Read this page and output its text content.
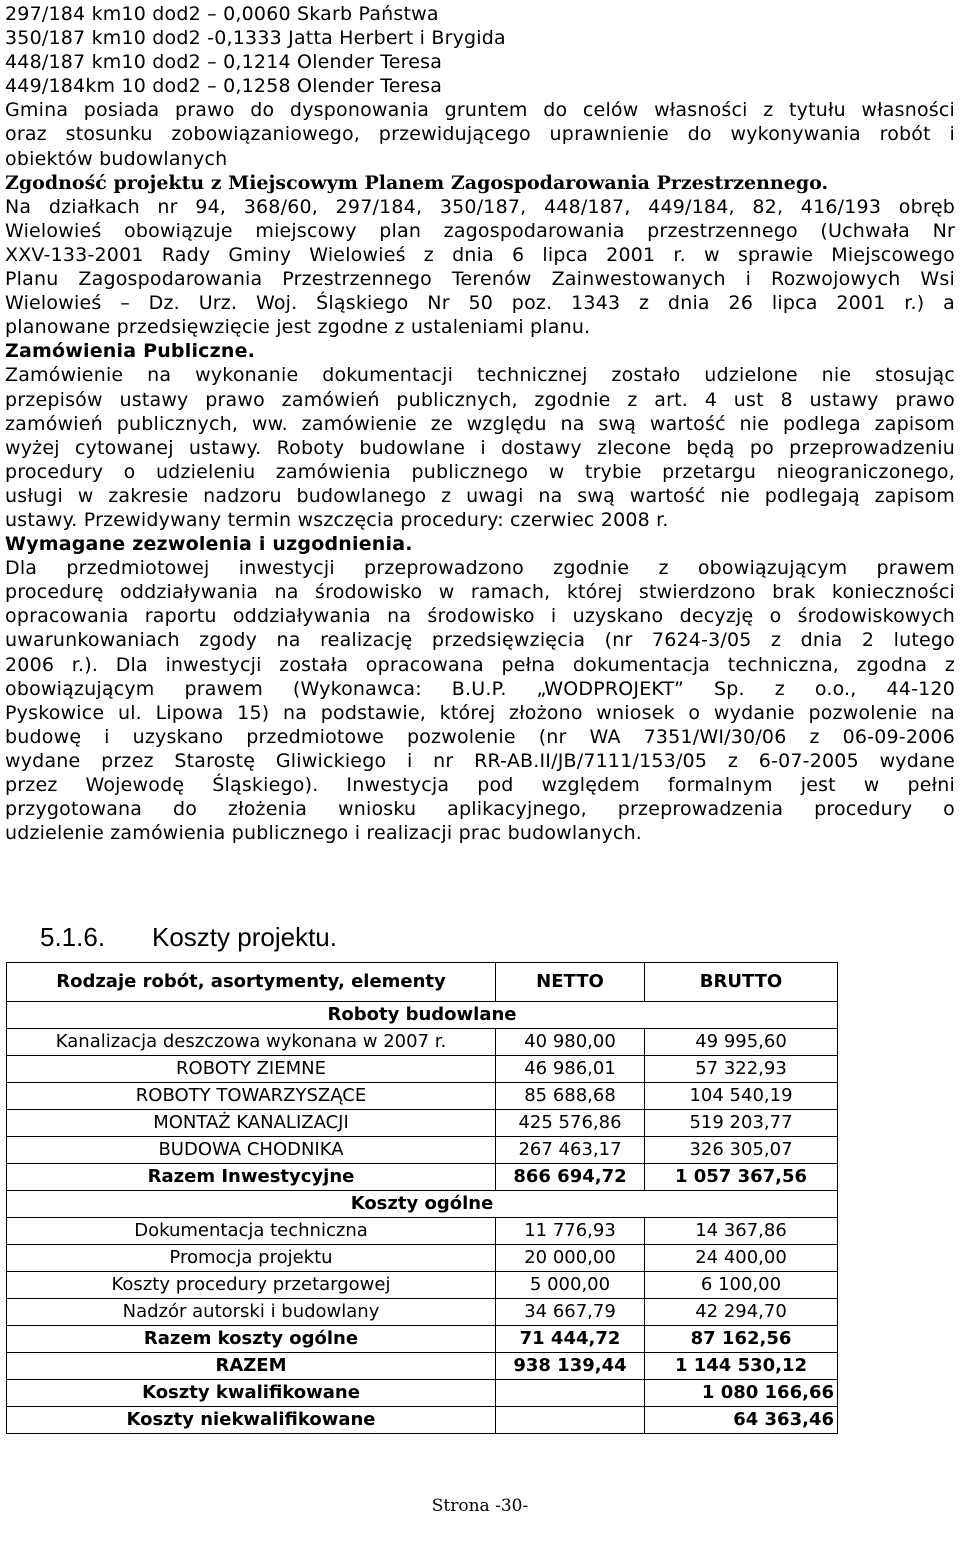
297/184 km10 dod2 – 0,0060 Skarb Państwa
350/187 km10 dod2 -0,1333 Jatta Herbert i Brygida
448/187 km10 dod2 – 0,1214 Olender Teresa
449/184km 10 dod2 – 0,1258 Olender Teresa
Gmina posiada prawo do dysponowania gruntem do celów własności z tytułu własności
oraz stosunku zobowiązaniowego, przewidującego uprawnienie do wykonywania robót i
obiektów budowlanych
Zgodność projektu z Miejscowym Planem Zagospodarowania Przestrzennego.
Na działkach nr 94, 368/60, 297/184, 350/187, 448/187, 449/184, 82, 416/193 obręb
Wielowieś obowiązuje miejscowy plan zagospodarowania przestrzennego (Uchwała Nr
XXV-133-2001 Rady Gminy Wielowieś z dnia 6 lipca 2001 r. w sprawie Miejscowego
Planu Zagospodarowania Przestrzennego Terenów Zainwestowanych i Rozwojowych Wsi
Wielowieś – Dz. Urz. Woj. Śląskiego Nr 50 poz. 1343 z dnia 26 lipca 2001 r.) a
planowane przedsięwzięcie jest zgodne z ustaleniami planu.
Zamówienia Publiczne.
Zamówienie na wykonanie dokumentacji technicznej zostało udzielone nie stosując
przepisów ustawy prawo zamówień publicznych, zgodnie z art. 4 ust 8 ustawy prawo
zamówień publicznych, ww. zamówienie ze względu na swą wartość nie podlega zapisom
wyżej cytowanej ustawy. Roboty budowlane i dostawy zlecone będą po przeprowadzeniu
procedury o udzieleniu zamówienia publicznego w trybie przetargu nieograniczonego,
usługi w zakresie nadzoru budowlanego z uwagi na swą wartość nie podlegają zapisom
ustawy. Przewidywany termin wszczęcia procedury: czerwiec 2008 r.
Wymagane zezwolenia i uzgodnienia.
Dla przedmiotowej inwestycji przeprowadzono zgodnie z obowiązującym prawem
procedurę oddziaływania na środowisko w ramach, której stwierdzono brak konieczności
opracowania raportu oddziaływania na środowisko i uzyskano decyzję o środowiskowych
uwarunkowaniach zgody na realizację przedsięwzięcia (nr 7624-3/05 z dnia 2 lutego
2006 r.). Dla inwestycji została opracowana pełna dokumentacja techniczna, zgodna z
obowiązującym prawem (Wykonawca: B.U.P. „WODPROJEKT” Sp. z o.o., 44-120
Pyskowice ul. Lipowa 15) na podstawie, której złożono wniosek o wydanie pozwolenie na
budowę i uzyskano przedmiotowe pozwolenie (nr WA 7351/WI/30/06 z 06-09-2006
wydane przez Starostę Gliwickiego i nr RR-AB.II/JB/7111/153/05 z 6-07-2005 wydane
przez Wojewodę Śląskiego). Inwestycja pod względem formalnym jest w pełni
przygotowana do złożenia wniosku aplikacyjnego, przeprowadzenia procedury o
udzielenie zamówienia publicznego i realizacji prac budowlanych.
5.1.6. Koszty projektu.
Rodzaje robót, asortymenty, elementy	NETTO	BRUTTO
Roboty budowlane		
Kanalizacja deszczowa wykonana w 2007 r.	40 980,00	49 995,60
ROBOTY ZIEMNE	46 986,01	57 322,93
ROBOTY TOWARZYSZĄCE	85 688,68	104 540,19
MONTAŻ KANALIZACJI	425 576,86	519 203,77
BUDOWA CHODNIKA	267 463,17	326 305,07
Razem Inwestycyjne	866 694,72	1 057 367,56
Koszty ogólne		
Dokumentacja techniczna	11 776,93	14 367,86
Promocja projektu	20 000,00	24 400,00
Koszty procedury przetargowej	5 000,00	6 100,00
Nadzór autorski i budowlany	34 667,79	42 294,70
Razem koszty ogólne	71 444,72	87 162,56
RAZEM	938 139,44	1 144 530,12
Koszty kwalifikowane		1 080 166,66
Koszty niekwalifikowane		64 363,46
Strona -30-
